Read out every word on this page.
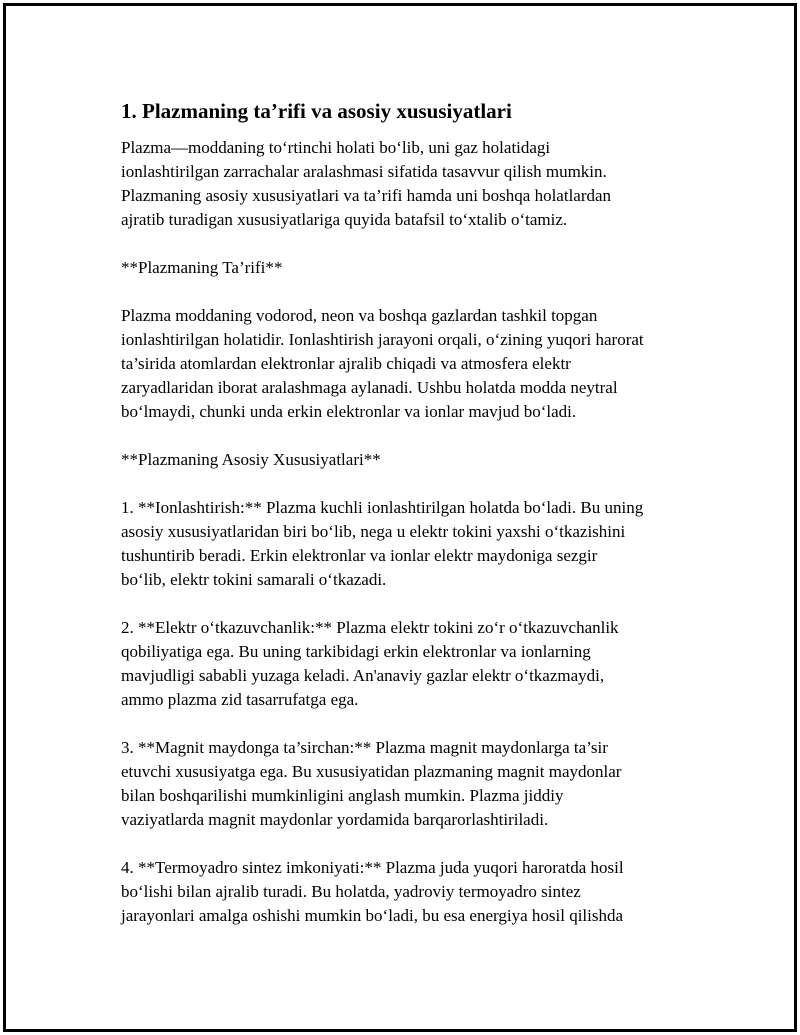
1. Plazmaning ta’rifi va asosiy xususiyatlari

Plazma—moddaning to‘rtinchi holati bo‘lib, uni gaz holatidagi
ionlashtirilgan zarrachalar aralashmasi sifatida tasavvur qilish mumkin.
Plazmaning asosiy xususiyatlari va ta’rifi hamda uni boshqa holatlardan
ajratib turadigan xususiyatlariga quyida batafsil to‘xtalib o‘tamiz.

**Plazmaning Ta’rifi**

Plazma moddaning vodorod, neon va boshqa gazlardan tashkil topgan
ionlashtirilgan holatidir. Ionlashtirish jarayoni orqali, o‘zining yuqori harorat
ta’sirida atomlardan elektronlar ajralib chiqadi va atmosfera elektr
zaryadlaridan iborat aralashmaga aylanadi. Ushbu holatda modda neytral
bo‘lmaydi, chunki unda erkin elektronlar va ionlar mavjud bo‘ladi.

**Plazmaning Asosiy Xususiyatlari**

1. **Ionlashtirish:** Plazma kuchli ionlashtirilgan holatda bo‘ladi. Bu uning
asosiy xususiyatlaridan biri bo‘lib, nega u elektr tokini yaxshi o‘tkazishini
tushuntirib beradi. Erkin elektronlar va ionlar elektr maydoniga sezgir
bo‘lib, elektr tokini samarali o‘tkazadi.

2. **Elektr o‘tkazuvchanlik:** Plazma elektr tokini zo‘r o‘tkazuvchanlik
qobiliyatiga ega. Bu uning tarkibidagi erkin elektronlar va ionlarning
mavjudligi sababli yuzaga keladi. An'anaviy gazlar elektr o‘tkazmaydi,
ammo plazma zid tasarrufatga ega.

3. **Magnit maydonga ta’sirchan:** Plazma magnit maydonlarga ta’sir
etuvchi xususiyatga ega. Bu xususiyatidan plazmaning magnit maydonlar
bilan boshqarilishi mumkinligini anglash mumkin. Plazma jiddiy
vaziyatlarda magnit maydonlar yordamida barqarorlashtiriladi.

4. **Termoyadro sintez imkoniyati:** Plazma juda yuqori haroratda hosil
bo‘lishi bilan ajralib turadi. Bu holatda, yadroviy termoyadro sintez
jarayonlari amalga oshishi mumkin bo‘ladi, bu esa energiya hosil qilishda
